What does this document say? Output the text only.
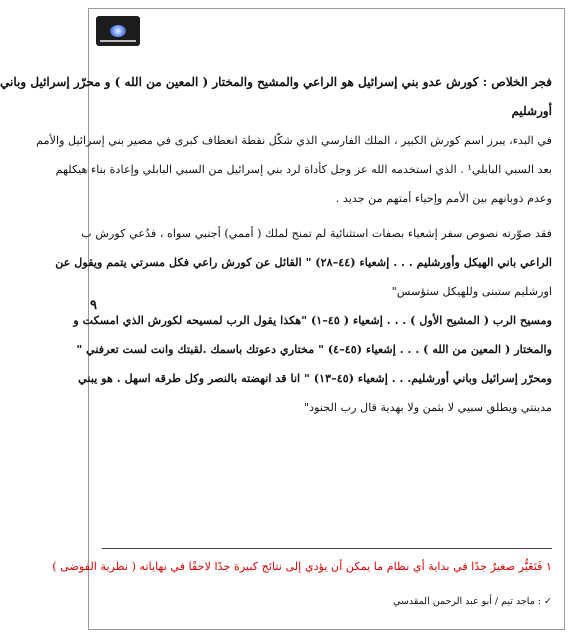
فجر الخلاص : كورش عدو بني إسرائيل هو الراعي والمشيح والمختار ( المعين من الله ) و محرّر إسرائيل وباني
أورشليم
في البدء، يبرز اسم كورش الكبير ، الملك الفارسي الذي شكّل نقطة انعطاف كبرى في مصير بني إسرائيل والأمم
بعد السبي البابلي¹ . الذي استخدمه الله عز وجل كأداة لرد بني إسرائيل من السبي البابلي وإعادة بناء هيكلهم
وعدم ذوبانهم بين الأمم وإحياء أمتهم من جديد .
فقد صوّرته نصوص سفر إشعياء بصفات استثنائية لم تمنح لملك ( أممي) أجنبي سواه ، فدُعي كورش ب
الراعي باني الهيكل وأورشليم . . . إشعياء (٤٤–٢٨) " القائل عن كورش راعي فكل مسرتي يتمم ويقول عن
اورشليم ستبنى وللهيكل ستؤسس"
ومسيح الرب ( المشيح الأول ) . . . إشعياء ( ٤٥–١) "هكذا يقول الرب لمسيحه لكورش الذي امسكت و
والمختار ( المعين من الله ) . . . إشعياء (٤٥–٤) " مختاري دعوتك باسمك .لقبتك وانت لست تعرفني "
ومحرّر إسرائيل وباني أورشليم. . . إشعياء (٤٥–١٣) " انا قد انهضته بالنصر وكل طرقه اسهل . هو يبني
مدينتي ويطلق سبيي لا بثمن ولا بهدية قال رب الجنود"
٩
١ فَتَغَيُّر صغيرٌ جدًا في بداية أي نظام ما يمكن أن يؤدي إلى نتائج كبيرة جدًا لاحقًا في نهاياته ( نظرية الفوضى )
✓ : ماجد تيم / أبو عبد الرحمن المقدسي
